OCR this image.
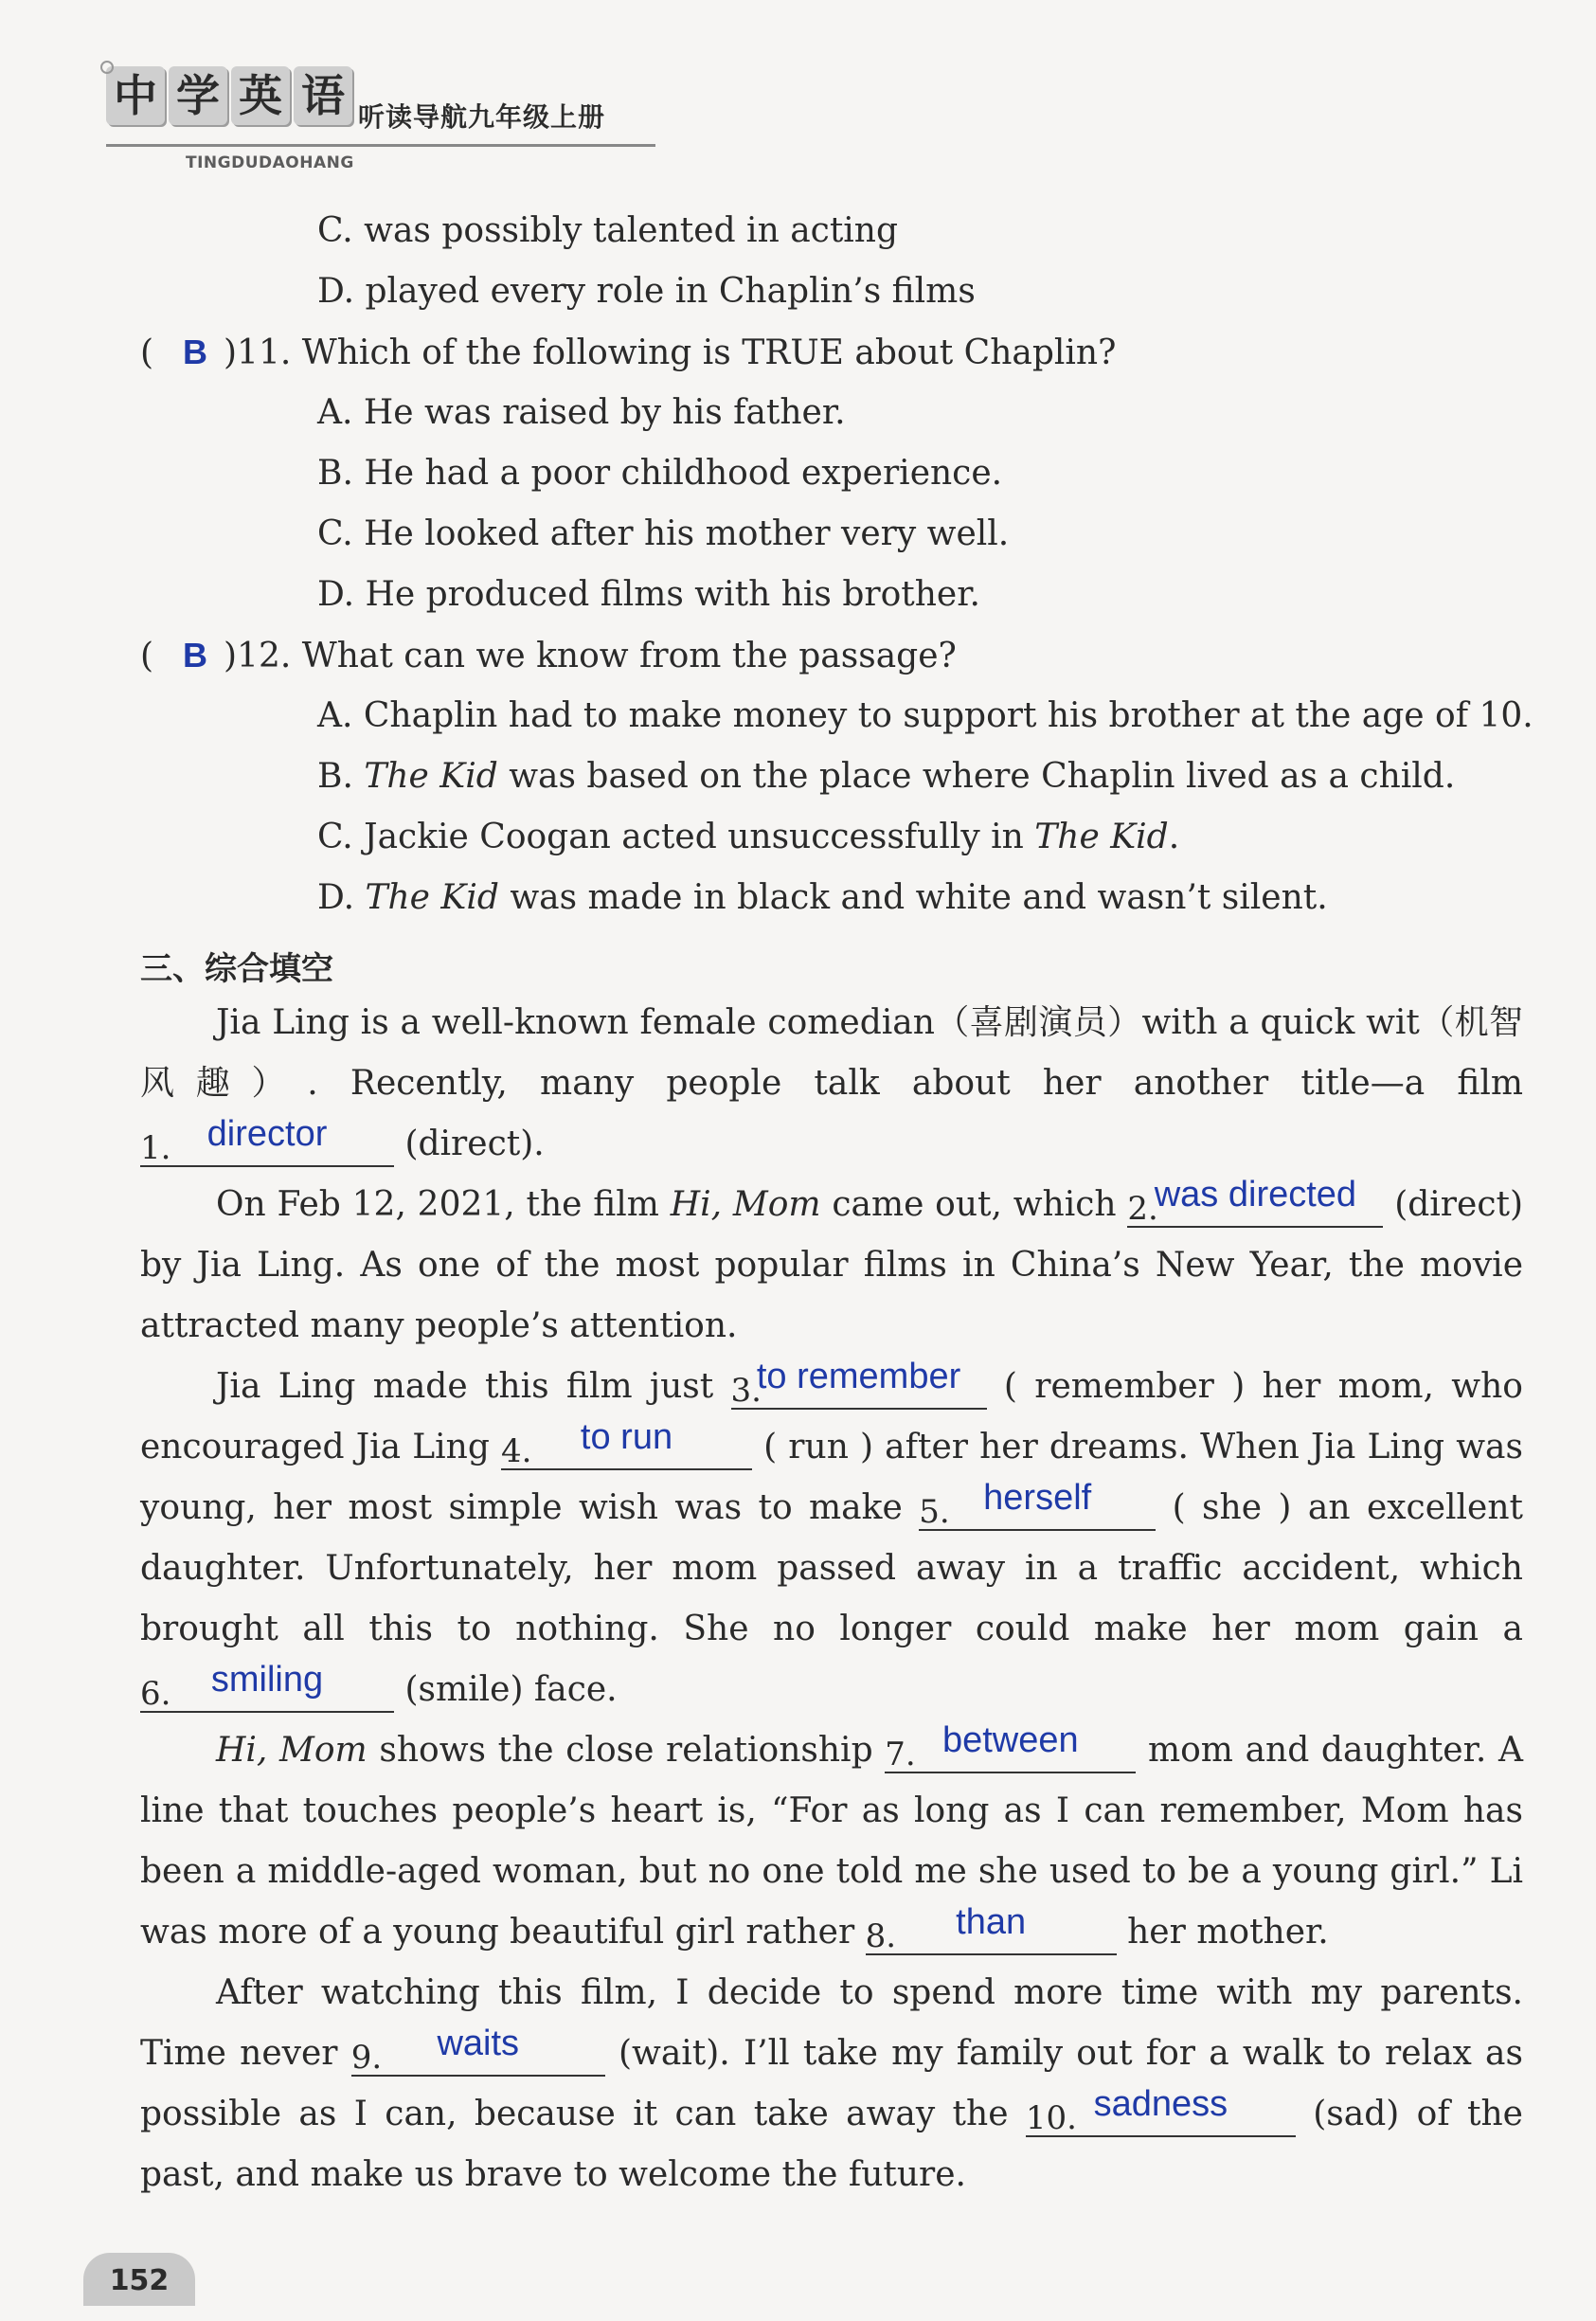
中 学 英 语 听读导航九年级上册
TINGDUDAOHANG
C. was possibly talented in acting
D. played every role in Chaplin’s films
( B )11. Which of the following is TRUE about Chaplin?
A. He was raised by his father.
B. He had a poor childhood experience.
C. He looked after his mother very well.
D. He produced films with his brother.
( B )12. What can we know from the passage?
A. Chaplin had to make money to support his brother at the age of 10.
B. The Kid was based on the place where Chaplin lived as a child.
C. Jackie Coogan acted unsuccessfully in The Kid.
D. The Kid was made in black and white and wasn’t silent.
三、综合填空
Jia Ling is a well-known female comedian（喜剧演员）with a quick wit（机智风趣）. Recently, many people talk about her another title—a film
1. director (direct).
On Feb 12, 2021, the film Hi, Mom came out, which 2.
was directed (direct) by Jia Ling. As one of the most popular films in China’s New Year, the movie attracted many people’s attention.
Jia Ling made this film just 3.
to remember ( remember ) her mom, who encouraged Jia Ling 4. to run	( run ) after her dreams. When Jia Ling was young, her most simple wish was to make 5. herself ( she ) an excellent daughter. Unfortunately, her mom passed away in a traffic accident, which brought all this to nothing. She no longer could make her mom gain a
6. smiling (smile) face.
Hi, Mom shows the close relationship 7. between mom and daughter. A line that touches people’s heart is, “For as long as I can remember, Mom has been a middle-aged woman, but no one told me she used to be a young girl.” Li was more of a young beautiful girl rather 8. than	her mother.
After watching this film, I decide to spend more time with my parents. Time never 9. waits	(wait). I’ll take my family out for a walk to relax as possible as I can, because it can take away the 10. sadness	(sad) of the past, and make us brave to welcome the future.
152
